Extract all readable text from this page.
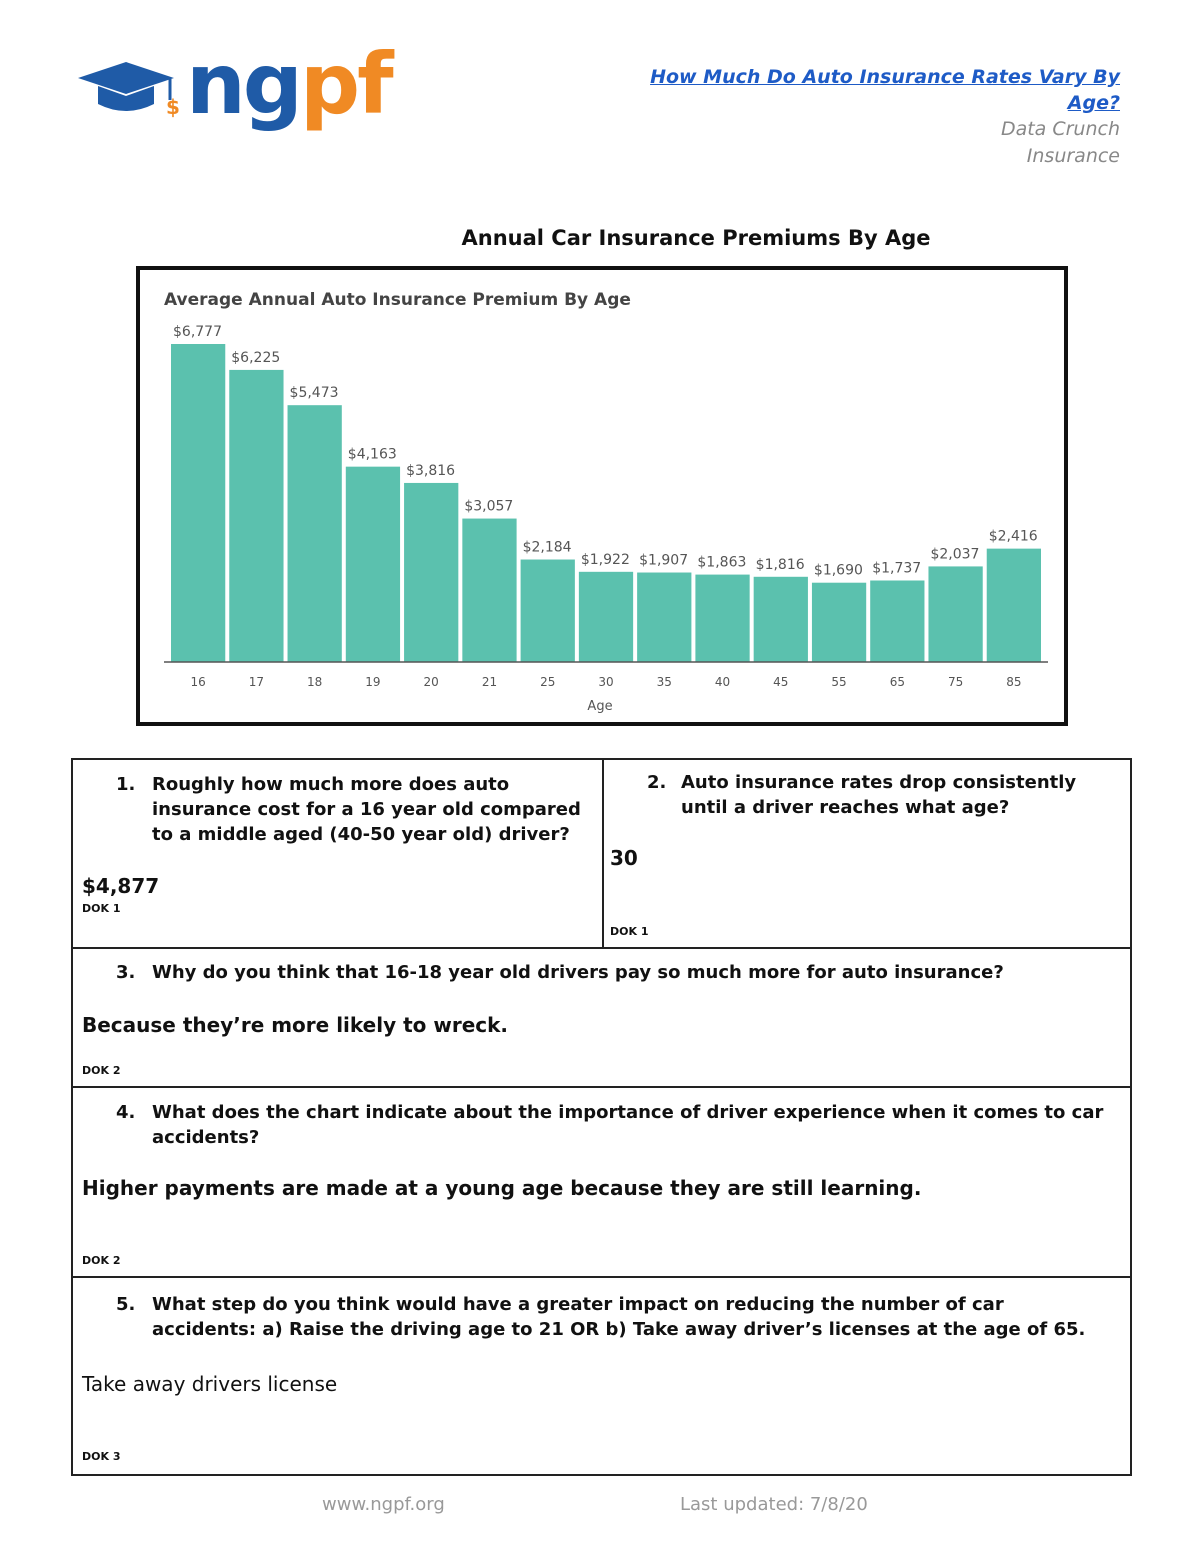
$ ngpf	How Much Do Auto Insurance Rates Vary By
Age?
Data Crunch
Insurance
Annual Car Insurance Premiums By Age
Average Annual Auto Insurance Premium By Age
$6,777
16
$6,225
17
$5,473
18
$4,163
19
$3,816
20
$3,057
21
$2,184
25
$1,922
30
$1,907
35
$1,863
40
$1,816
45
$1,690
55
$1,737
65
$2,037
75
$2,416
85
Age
1. Roughly how much more does auto
insurance cost for a 16 year old compared
to a middle aged (40-50 year old) driver?
$4,877
DOK 1
2. Auto insurance rates drop consistently
until a driver reaches what age?
30
DOK 1
3. Why do you think that 16-18 year old drivers pay so much more for auto insurance?
Because they’re more likely to wreck.
DOK 2
4. What does the chart indicate about the importance of driver experience when it comes to car
accidents?
Higher payments are made at a young age because they are still learning.
DOK 2
5. What step do you think would have a greater impact on reducing the number of car
accidents: a) Raise the driving age to 21 OR b) Take away driver’s licenses at the age of 65.
Take away drivers license
DOK 3
www.ngpf.org	Last updated: 7/8/20
